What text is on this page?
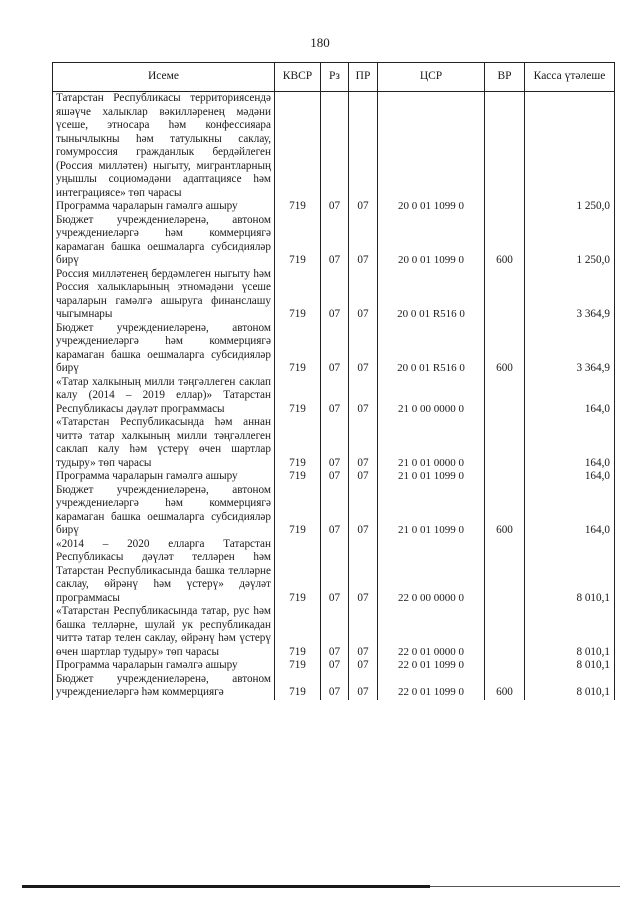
180
Исеме	КВСР	Рз	ПР	ЦСР	ВР	Касса үтәлеше
Татарстан Республикасы территориясендә яшәүче халыклар вәкилләренең мәдәни үсеше, этносара һәм конфессияара тынычлыкны һәм татулыкны саклау, гомумроссия гражданлык бердәйлеген (Россия милләтен) ныгыту, мигрантларның уңышлы социомәдәни адаптациясе һәм интеграциясе» төп чарасы						
Программа чараларын гамәлгә ашыру	719	07	07	20 0 01 1099 0		1 250,0
Бюджет учреждениеләренә, автоном учреждениеләргә һәм коммерциягә карамаган башка оешмаларга субсидияләр бирү	719	07	07	20 0 01 1099 0	600	1 250,0
Россия милләтенең бердәмлеген ныгыту һәм Россия халыкларының этномәдәни үсеше чараларын гамәлгә ашыруга финанслашу чыгымнары	719	07	07	20 0 01 R516 0		3 364,9
Бюджет учреждениеләренә, автоном учреждениеләргә һәм коммерциягә карамаган башка оешмаларга субсидияләр бирү	719	07	07	20 0 01 R516 0	600	3 364,9
«Татар халкының милли тәңгәллеген саклап калу (2014 – 2019 еллар)» Татарстан Республикасы дәүләт программасы	719	07	07	21 0 00 0000 0		164,0
«Татарстан Республикасында һәм аннан читтә татар халкының милли тәңгәллеген саклап калу һәм үстерү өчен шартлар тудыру» төп чарасы	719	07	07	21 0 01 0000 0		164,0
Программа чараларын гамәлгә ашыру	719	07	07	21 0 01 1099 0		164,0
Бюджет учреждениеләренә, автоном учреждениеләргә һәм коммерциягә карамаган башка оешмаларга субсидияләр бирү	719	07	07	21 0 01 1099 0	600	164,0
«2014 – 2020 елларга Татарстан Республикасы дәүләт телләрен һәм Татарстан Республикасында башка телләрне саклау, өйрәнү һәм үстерү» дәүләт программасы	719	07	07	22 0 00 0000 0		8 010,1
«Татарстан Республикасында татар, рус һәм башка телләрне, шулай ук республикадан читтә татар телен саклау, өйрәнү һәм үстерү өчен шартлар тудыру» төп чарасы	719	07	07	22 0 01 0000 0		8 010,1
Программа чараларын гамәлгә ашыру	719	07	07	22 0 01 1099 0		8 010,1
Бюджет учреждениеләренә, автоном учреждениеләргә һәм коммерциягә	719	07	07	22 0 01 1099 0	600	8 010,1
